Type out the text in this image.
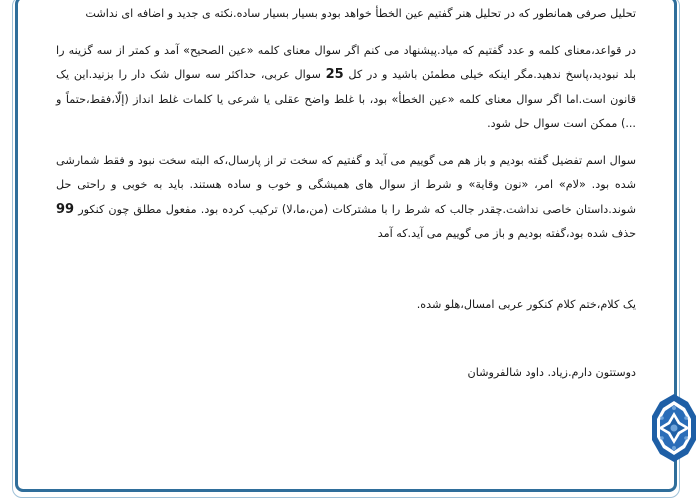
تحلیل صرفی همانطور که در تحلیل هنر گفتیم عین الخطأ خواهد بودو بسیار بسیار ساده.نکته ی جدید و اضافه ای نداشت

در قواعد،معنای کلمه و عدد گفتیم که میاد.پیشنهاد می کنم اگر سوال معنای کلمه «عین الصحیح» آمد و کمتر از سه گزینه را بلد نبودید،پاسخ ندهید.مگر اینکه خیلی مطمئن باشید و در کل 25 سوال عربی، حداکثر سه سوال شک دار را بزنید.این یک قانون است.اما اگر سوال معنای کلمه «عین الخطأ» بود، با غلط واضح عقلی یا شرعی یا کلمات غلط انداز (إلّا،فقط،حتماً و ...) ممکن است سوال حل شود.

سوال اسم تفضیل گفته بودیم و باز هم می گوییم می آید و گفتیم که سخت تر از پارسال،که البته سخت نبود و فقط شمارشی شده بود. «لام» امر، «نون وقایة» و شرط از سوال های همیشگی و خوب و ساده هستند. باید به خوبی و راحتی حل شوند.داستان خاصی نداشت.چقدر جالب که شرط را با مشترکات (من،ما،لا) ترکیب کرده بود. مفعول مطلق چون کنکور 99 حذف شده بود،گفته بودیم و باز می گوییم می آید.که آمد

یک کلام،ختم کلام کنکور عربی امسال،هلو شده.

دوستتون دارم.زیاد. داود شالفروشان
